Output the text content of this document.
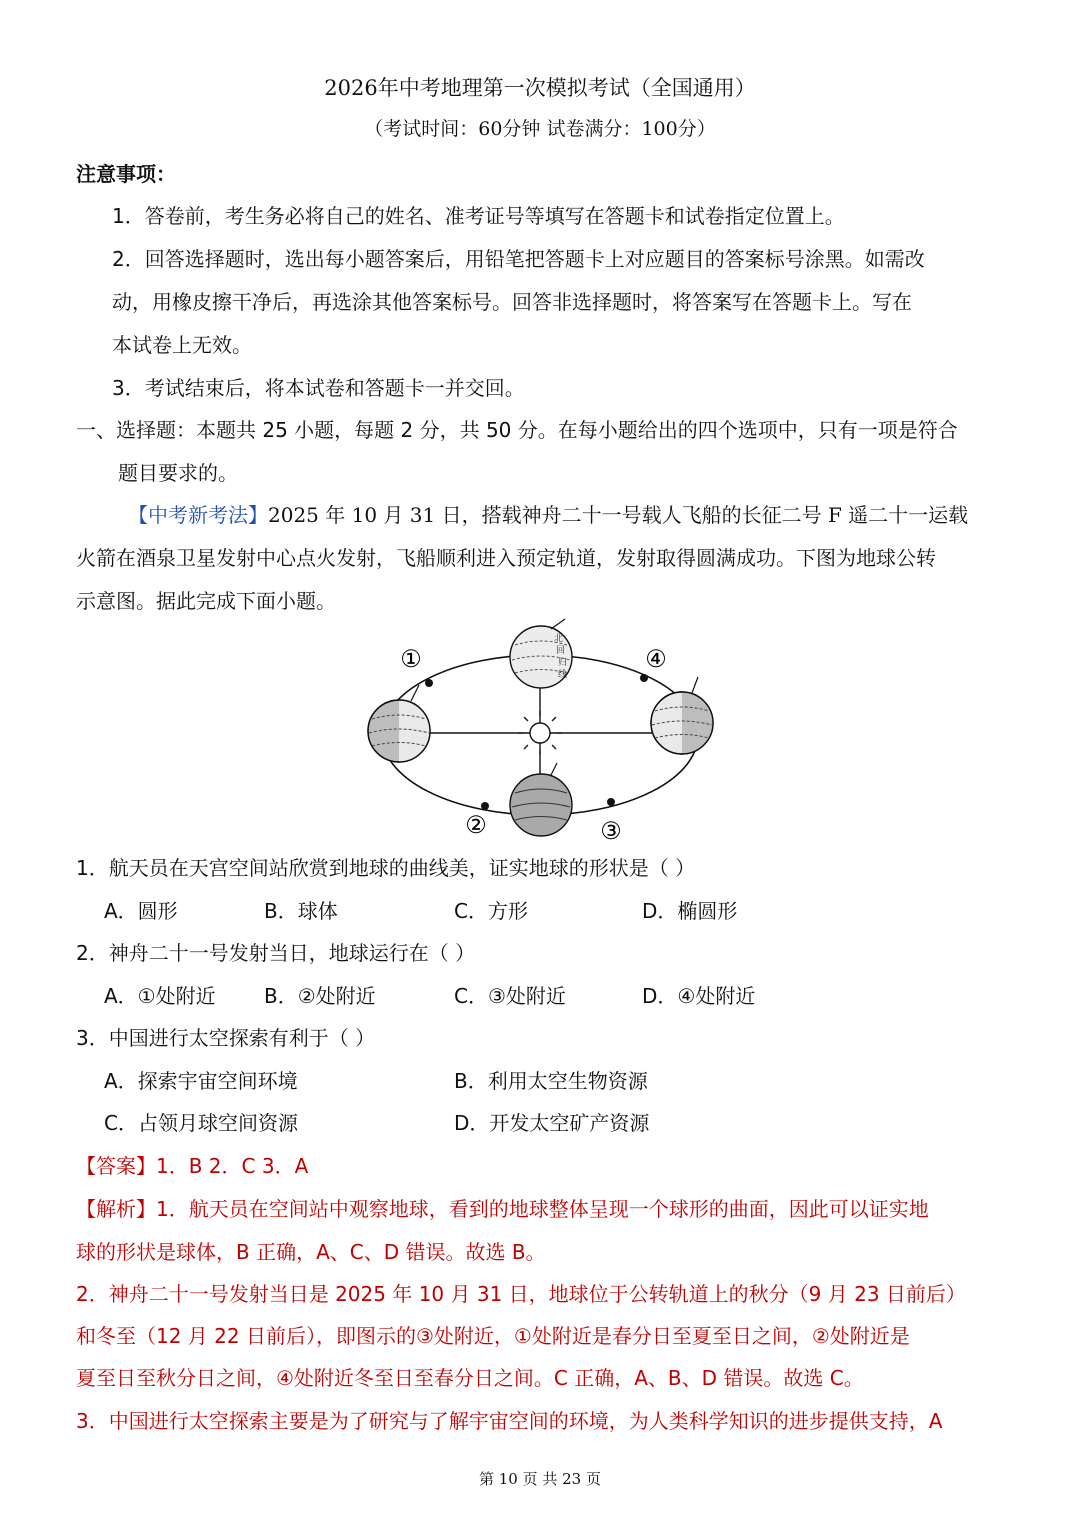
2026年中考地理第一次模拟考试（全国通用）
（考试时间：60分钟 试卷满分：100分）
注意事项：
1．答卷前，考生务必将自己的姓名、准考证号等填写在答题卡和试卷指定位置上。
2．回答选择题时，选出每小题答案后，用铅笔把答题卡上对应题目的答案标号涂黑。如需改
动，用橡皮擦干净后，再选涂其他答案标号。回答非选择题时，将答案写在答题卡上。写在
本试卷上无效。
3．考试结束后，将本试卷和答题卡一并交回。
一、选择题：本题共 25 小题，每题 2 分，共 50 分。在每小题给出的四个选项中，只有一项是符合
题目要求的。
【中考新考法】2025 年 10 月 31 日，搭载神舟二十一号载人飞船的长征二号 F 遥二十一运载
火箭在酒泉卫星发射中心点火发射，飞船顺利进入预定轨道，发射取得圆满成功。下图为地球公转
示意图。据此完成下面小题。
北
回
归
线
①
②	③
④
1．航天员在天宫空间站欣赏到地球的曲线美，证实地球的形状是（ ）
A．圆形	B．球体	C．方形	D．椭圆形
2．神舟二十一号发射当日，地球运行在（ ）
A．①处附近 B．②处附近	C．③处附近	D．④处附近
3．中国进行太空探索有利于（ ）
A．探索宇宙空间环境	B．利用太空生物资源
C．占领月球空间资源	D．开发太空矿产资源
【答案】1．B 2．C 3．A
【解析】1．航天员在空间站中观察地球，看到的地球整体呈现一个球形的曲面，因此可以证实地
球的形状是球体，B 正确，A、C、D 错误。故选 B。
2．神舟二十一号发射当日是 2025 年 10 月 31 日，地球位于公转轨道上的秋分（9 月 23 日前后）
和冬至（12 月 22 日前后），即图示的③处附近，①处附近是春分日至夏至日之间，②处附近是
夏至日至秋分日之间，④处附近冬至日至春分日之间。C 正确，A、B、D 错误。故选 C。
3．中国进行太空探索主要是为了研究与了解宇宙空间的环境，为人类科学知识的进步提供支持，A
第 10 页 共 23 页
